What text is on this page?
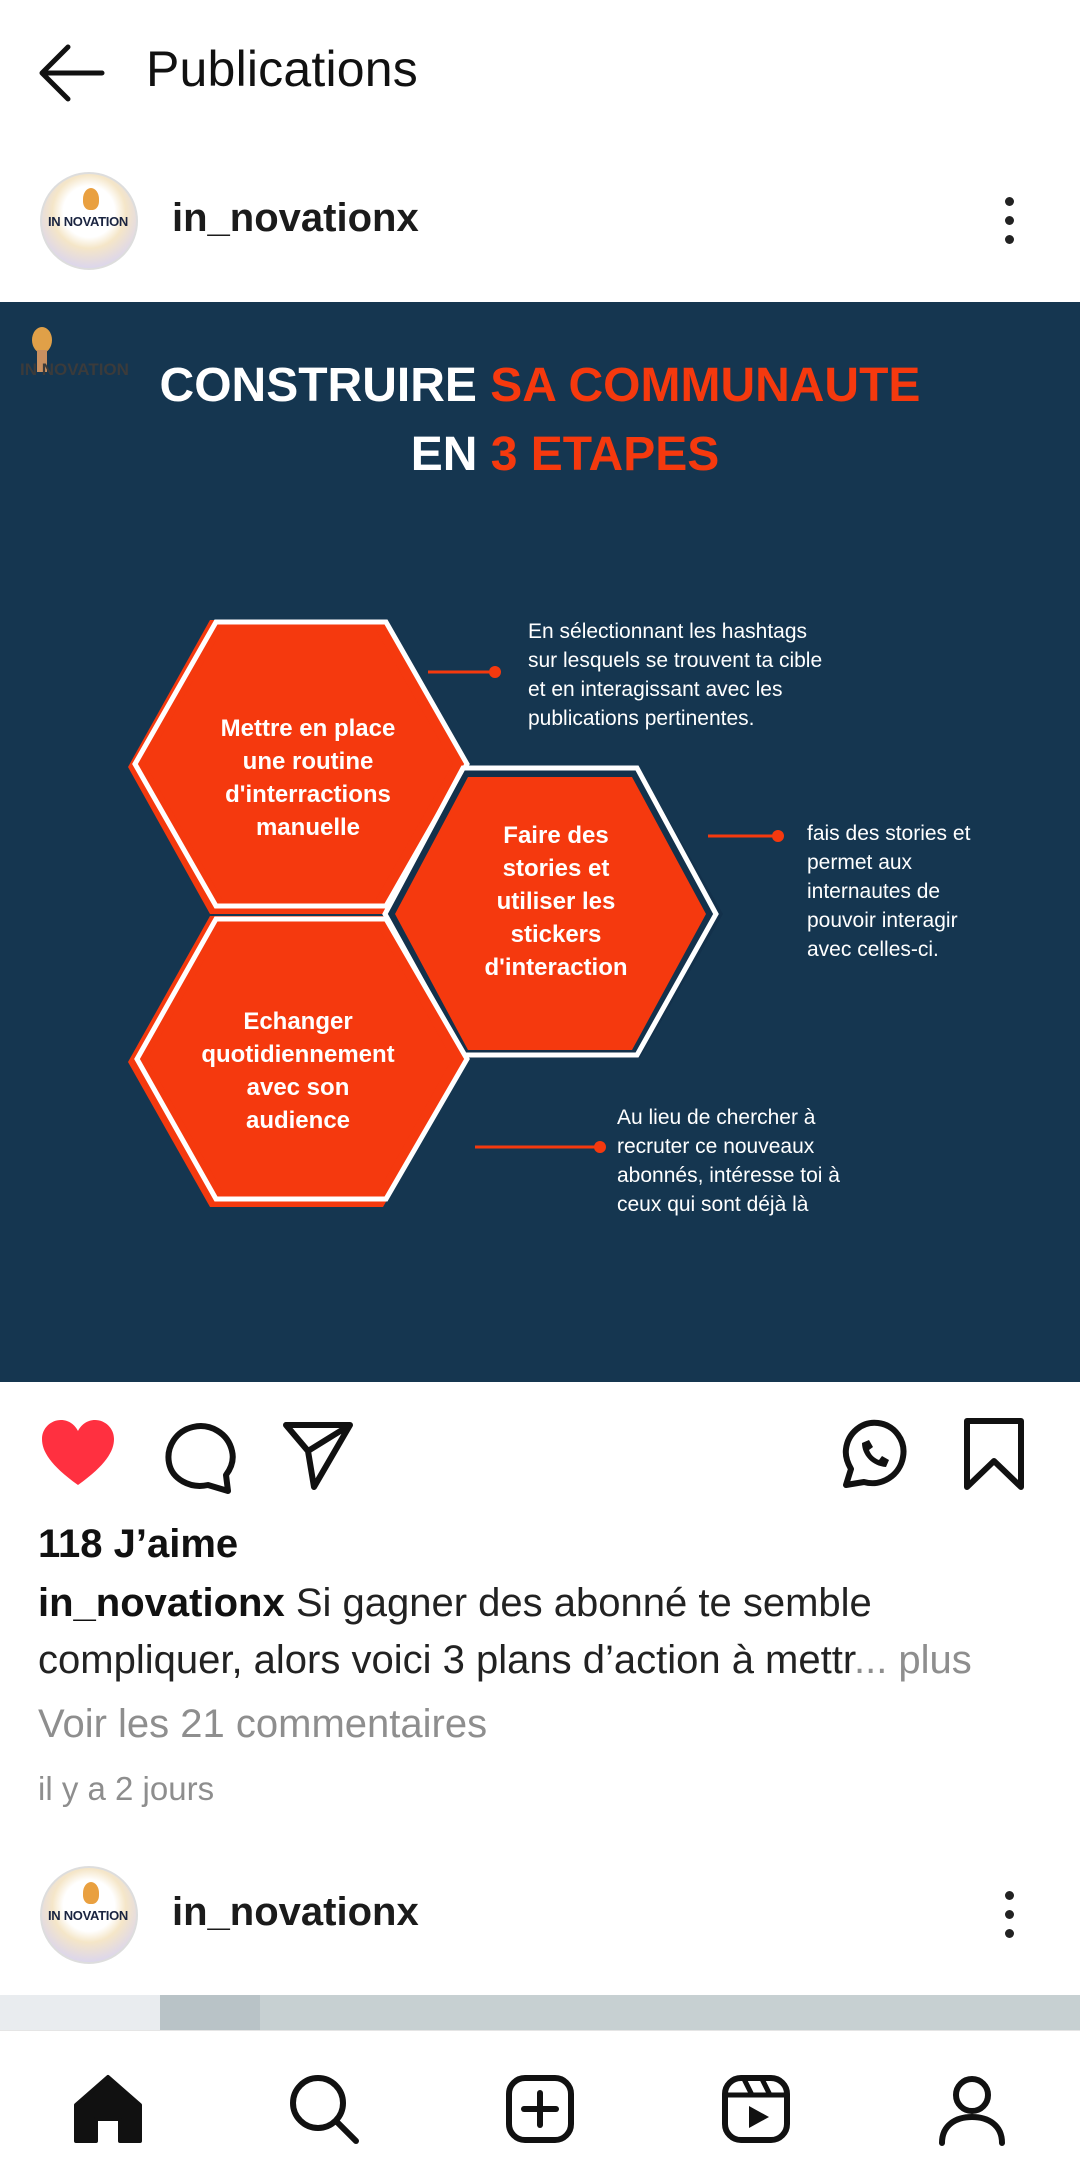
Publications
IN NOVATION in_novationx
IN NOVATION CONSTRUIRE SA COMMUNAUTE
EN 3 ETAPES
Mettre en place une routine d'interractions manuelle	Faire des stories et utiliser les stickers d'interaction
Echanger quotidiennement avec son audience
En sélectionnant les hashtags sur lesquels se trouvent ta cible et en interagissant avec les publications pertinentes.
fais des stories et permet aux internautes de pouvoir interagir avec celles-ci.
Au lieu de chercher à recruter ce nouveaux abonnés, intéresse toi à ceux qui sont déjà là
118 J’aime
in_novationx Si gagner des abonné te semble compliquer, alors voici 3 plans d’action à mettr... plus
Voir les 21 commentaires
il y a 2 jours
IN NOVATION in_novationx
